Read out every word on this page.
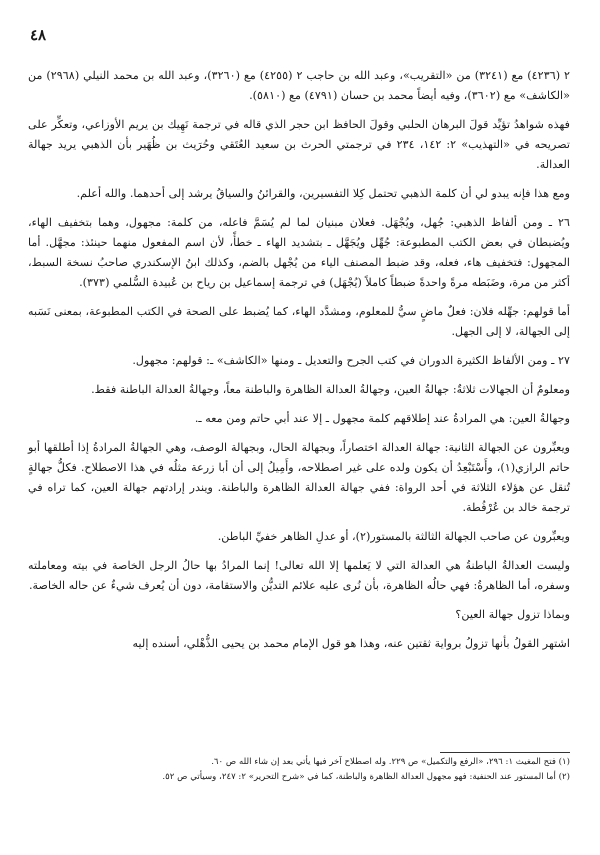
٤٨

٢ (٤٢٣٦) مع (٣٢٤١) من «التقريب»، وعبد الله بن حاجب ٢ (٤٢٥٥) مع (٣٢٦٠)، وعبد الله بن محمد النيلي (٢٩٦٨) من «الكاشف» مع (٣٦٠٢)، وفيه أيضاً محمد بن حسان (٤٧٩١) مع (٥٨١٠).

فهذه شواهدُ تؤيِّد قولَ البرهان الحلبي وقولَ الحافظ ابن حجر الذي قاله في ترجمة نَهِيك بن يريم الأوزاعي، وتعكِّر على تصريحه في «التهذيب» ٢: ١٤٢، ٢٣٤ في ترجمتي الحرث بن سعيد العُتَقي وحُرَيث بن ظُهَير بأن الذهبي يريد جهالة العدالة.

ومع هذا فإنه يبدو لي أن كلمة الذهبي تحتمل كِلا التفسيرين، والقرائنُ والسياقُ يرشد إلى أحدهما. والله أعلم.

٢٦ ـ ومن ألفاظ الذهبي: جُهل، ويُجْهَل. فعلان مبنيان لما لم يُسَمَّ فاعله، من كلمة: مجهول، وهما بتخفيف الهاء، ويُضبطان في بعض الكتب المطبوعة: جُهِّل ويُجَهَّل ـ بتشديد الهاء ـ خطأً، لأن اسم المفعول منهما حينئذ: مجهَّل. أما المجهول: فتخفيف هاء، فعله، وقد ضبط المصنف الياء من يُجْهل بالضم، وكذلك ابنُ الإسكندري صاحبُ نسخة السبط، أكثر من مرة، وضَبَطه مرةً واحدةً ضبطاً كاملاً (يُجْهَل) في ترجمة إسماعيل بن رياح بن عُبيدة السُّلمي (٣٧٣).

أما قولهم: جهِّله فلان: فعلٌ ماضٍ سيُّ للمعلوم، ومشدَّد الهاء، كما يُضبط على الصحة في الكتب المطبوعة، بمعنى نَسَبه إلى الجهالة، لا إلى الجهل.

٢٧ ـ ومن الألفاظ الكثيرة الدوران في كتب الجرح والتعديل ـ ومنها «الكاشف» ـ: قولهم: مجهول.

ومعلومٌ أن الجهالات ثلاثةٌ: جهالةُ العين، وجهالةُ العدالة الظاهرة والباطنة معاً، وجهالةُ العدالة الباطنة فقط.

وجهالةُ العين: هي المرادةُ عند إطلاقهم كلمة مجهول ـ إلا عند أبي حاتم ومن معه ـ.

ويعبِّرون عن الجهالة الثانية: جهالة العدالة اختصاراً، وبجهالة الحال، وبجهالة الوصف، وهي الجهالةُ المرادةُ إذا أطلقها أبو حاتم الرازي(١)، وأَسْتَبْعِدُ أن يكون ولده على غير اصطلاحه، وأَمِيلُ إلى أن أبا زرعة مثلُه في هذا الاصطلاح. فكلُّ جهالةٍ تُنقل عن هؤلاء الثلاثة في أحد الرواة: ففي جهالة العدالة الظاهرة والباطنة. ويندر إرادتهم جهالة العين، كما تراه في ترجمة خالد بن عُرْفُطة.

ويعبِّرون عن صاحب الجهالة الثالثة بالمستور(٢)، أو عدلِ الظاهر خفيِّ الباطن.

وليست العدالةُ الباطنةُ هي العدالة التي لا يَعلمها إلا الله تعالى! إنما المرادُ بها حالُ الرجل الخاصة في بيته ومعاملته وسفره، أما الظاهرةُ: فهي حالُه الظاهرة، بأن نُرى عليه علائم التديُّن والاستقامة، دون أن يُعرف شيءٌ عن حاله الخاصة.

وبماذا تزول جهالة العين؟

اشتهر القولُ بأنها تزولُ برواية ثقتين عنه، وهذا هو قول الإمام محمد بن يحيى الذُّهْلي، أسنده إليه

(١) فتح المغيث ١: ٢٩٦، «الرفع والتكميل» ص ٢٢٩. وله اصطلاح آخر فيها يأتي بعد إن شاء الله ص ٦٠.

(٢) أما المستور عند الحنفية: فهو مجهول العدالة الظاهرة والباطنة، كما في «شرح التحرير» ٢: ٢٤٧، وسيأتي ص ٥٢.
